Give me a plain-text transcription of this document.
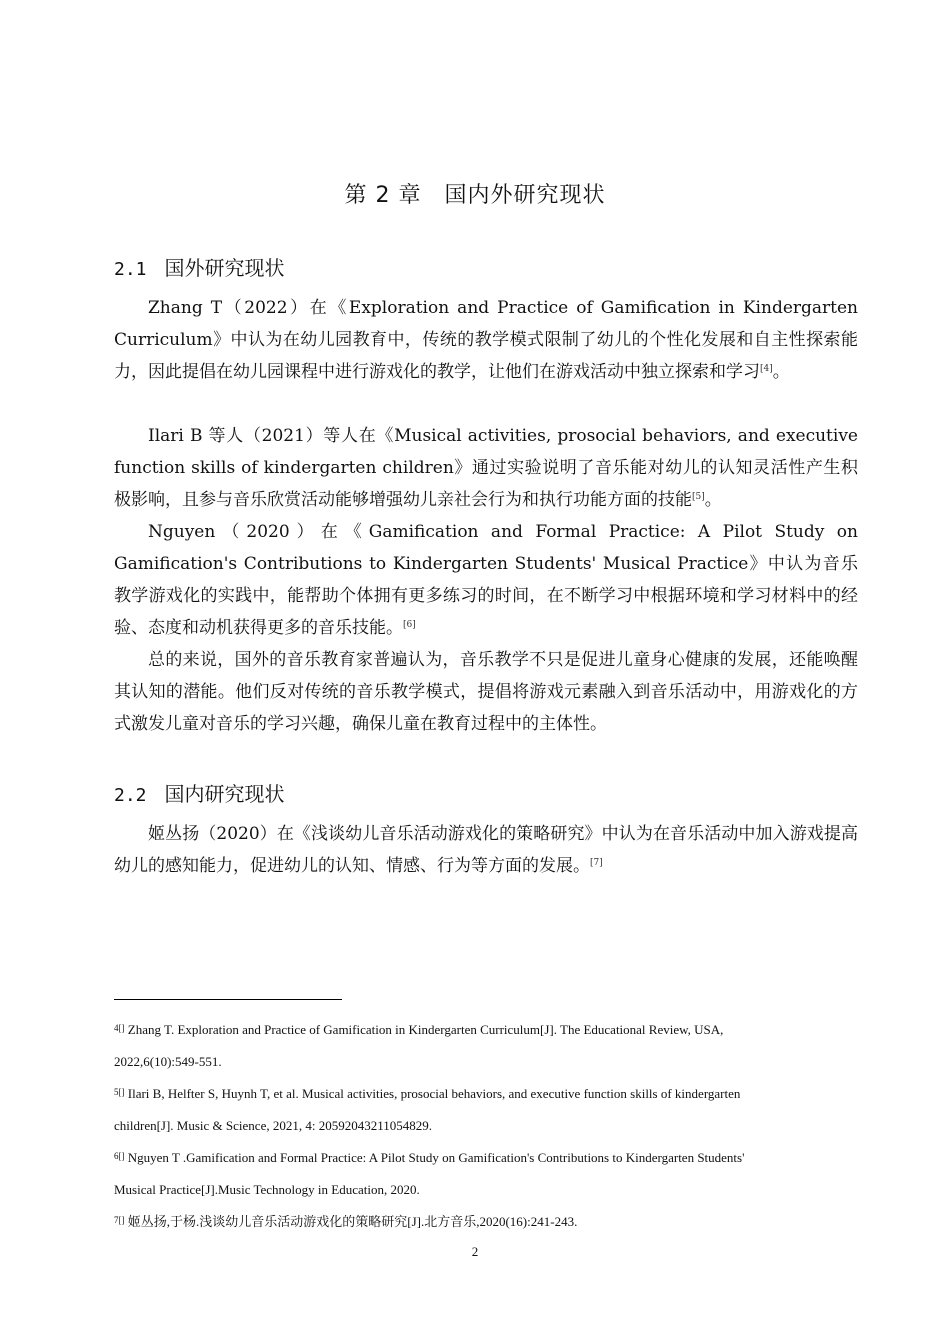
第 2 章　国内外研究现状
2.1 国外研究现状
Zhang T（2022）在《Exploration and Practice of Gamification in Kindergarten Curriculum》中认为在幼儿园教育中，传统的教学模式限制了幼儿的个性化发展和自主性探索能力，因此提倡在幼儿园课程中进行游戏化的教学，让他们在游戏活动中独立探索和学习[4]。
Ilari B 等人（2021）等人在《Musical activities, prosocial behaviors, and executive function skills of kindergarten children》通过实验说明了音乐能对幼儿的认知灵活性产生积极影响，且参与音乐欣赏活动能够增强幼儿亲社会行为和执行功能方面的技能[5]。
Nguyen（2020）在《Gamification and Formal Practice: A Pilot Study on Gamification's Contributions to Kindergarten Students' Musical Practice》中认为音乐教学游戏化的实践中，能帮助个体拥有更多练习的时间，在不断学习中根据环境和学习材料中的经验、态度和动机获得更多的音乐技能。[6]
总的来说，国外的音乐教育家普遍认为，音乐教学不只是促进儿童身心健康的发展，还能唤醒其认知的潜能。他们反对传统的音乐教学模式，提倡将游戏元素融入到音乐活动中，用游戏化的方式激发儿童对音乐的学习兴趣，确保儿童在教育过程中的主体性。
2.2 国内研究现状
姬丛扬（2020）在《浅谈幼儿音乐活动游戏化的策略研究》中认为在音乐活动中加入游戏提高幼儿的感知能力，促进幼儿的认知、情感、行为等方面的发展。[7]
$^{4[]}$ Zhang T. Exploration and Practice of Gamification in Kindergarten Curriculum[J]. The Educational Review, USA,
2022,6(10):549-551.
$^{5[]}$ Ilari B, Helfter S, Huynh T, et al. Musical activities, prosocial behaviors, and executive function skills of kindergarten
children[J]. Music & Science, 2021, 4: 20592043211054829.
$^{6[]}$ Nguyen T .Gamification and Formal Practice: A Pilot Study on Gamification's Contributions to Kindergarten Students'
Musical Practice[J].Music Technology in Education, 2020.
$^{7[]}$ 姬丛扬,于杨.浅谈幼儿音乐活动游戏化的策略研究[J].北方音乐,2020(16):241-243.
2
